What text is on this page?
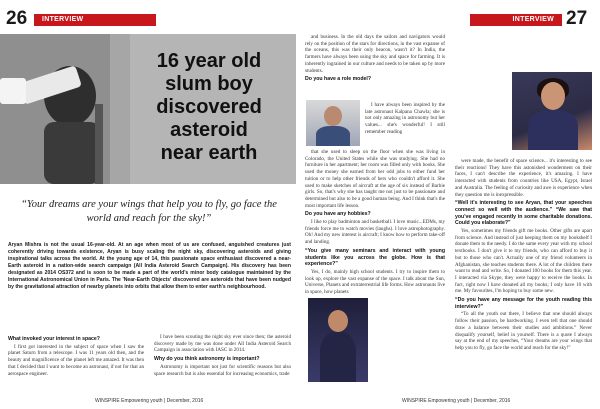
26	INTERVIEW	INTERVIEW 27
16 year old
slum boy
discovered
asteroid
near earth
“Your dreams are your wings that help you to fly, go face the world and reach for the sky!”
Aryan Mishra is not the usual 16-year-old. At an age when most of us are confused, anguished creatures just coherently driving towards existence, Aryan is busy scaling the night sky, discovering asteroids and giving inspirational talks across the world. At the young age of 14, this passionate space enthusiast discovered a near-Earth asteroid in a nation-wide search campaign (All India Asteroid Search Campaign). His discovery has been designated as 2014 OS372 and is soon to be made a part of the world's minor body catalogue maintained by the International Astronomical Union in Paris. The 'Near-Earth Objects' discovered are asteroids that have been nudged by the gravitational attraction of nearby planets into orbits that allow them to enter earth's neighbourhood.
What invoked your interest in space?

I first got interested in the subject of space when I saw the planet Saturn from a telescope. I was 11 years old then, and the beauty and magnificence of the planet left me amazed. It was then that I decided that I want to become an astronaut, if not for that an aerospace engineer.

I have been scouting the night sky ever since then; the asteroid discovery made by me was done under All India Asteroid Search Campaign in association with IASC in 2014.

Why do you think astronomy is important?

Astronomy is important not just for scientific reasons but also space research but is also essential for increasing economics, trade

and business. In the old days the sailors and navigators would rely on the position of the stars for directions, in the vast expanse of the oceans, this was their only beacon, wasn't it? In India, the farmers have always been using the sky and space for farming. It is inherently ingrained in our culture and needs to be taken up by more students.

Do you have a role model?

I have always been inspired by the late astronaut Kalpana Chawla; she is not only amazing in astronomy but her values... she's wonderful! I still remember reading

that she used to sleep on the floor when she was living in Colorado, the United States while she was studying. She had no furniture in her apartment; her room was filled only with books. She used the money she earned from her odd jobs to either fund her tuition or to help other friends of hers who couldn't afford it. She used to make sketches of aircraft at the age of six instead of Barbie girls. So, that's why she has taught me not just to be passionate and determined but also to be a good human being. And I think that's the most important life lesson.

Do you have any hobbies?

I like to play badminton and basketball. I love music...EDMs, my friends force me to watch movies (laughs). I love astrophotography. Oh! And my new interest is aircraft; I know how to perform take-off and landing.

“You give many seminars and interact with young students like you across the globe. How is that experience?”

Yes, I do, mainly high school students. I try to inspire them to look up, explore the vast expanse of the space. I talk about the Sun, Universe, Planets and extraterrestrial life forms. How astronauts live in space, how planets

were made, the benefit of space science... it's interesting to see their reactions! They have this astonished wonderment on their faces, I can't describe the experience, it's amazing. I have interacted with students from countries like USA, Egypt, Israel and Australia. The feeling of curiosity and awe is experience when they question me is inexpressible.

“Well it's interesting to see Aryan, that your speeches connect so well with the audience.” “We saw that you've engaged recently in some charitable donations. Could you elaborate?”

Yes, sometimes my friends gift me books. Other gifts are apart from science. And instead of just keeping them on my bookshelf I donate them to the needy. I do the same every year with my school textbooks. I don't give it to my friends, who can afford to buy it but to those who can't. Actually one of my friend volunteers in Afghanistan, she teaches students there. A lot of the children there want to read and write. So, I donated 100 books for them this year. I interacted via Skype, they were happy to receive the books. In fact, right now I have donated all my books; I only have 10 with me. My favourites, I'm hoping to buy some new.

“Do you have any message for the youth reading this interview?”

“To all the youth out there, I believe that one should always follow their passion, be hardworking. I even tell that one should draw a balance between their studies and ambitions.” Never disqualify yourself, belief in yourself. There is a quote I always say at the end of my speeches, “Your dreams are your wings that help you to fly, go face the world and reach for the sky!”

WINSPIRE Empowering youth | December, 2016	WINSPIRE Empowering youth | December, 2016
